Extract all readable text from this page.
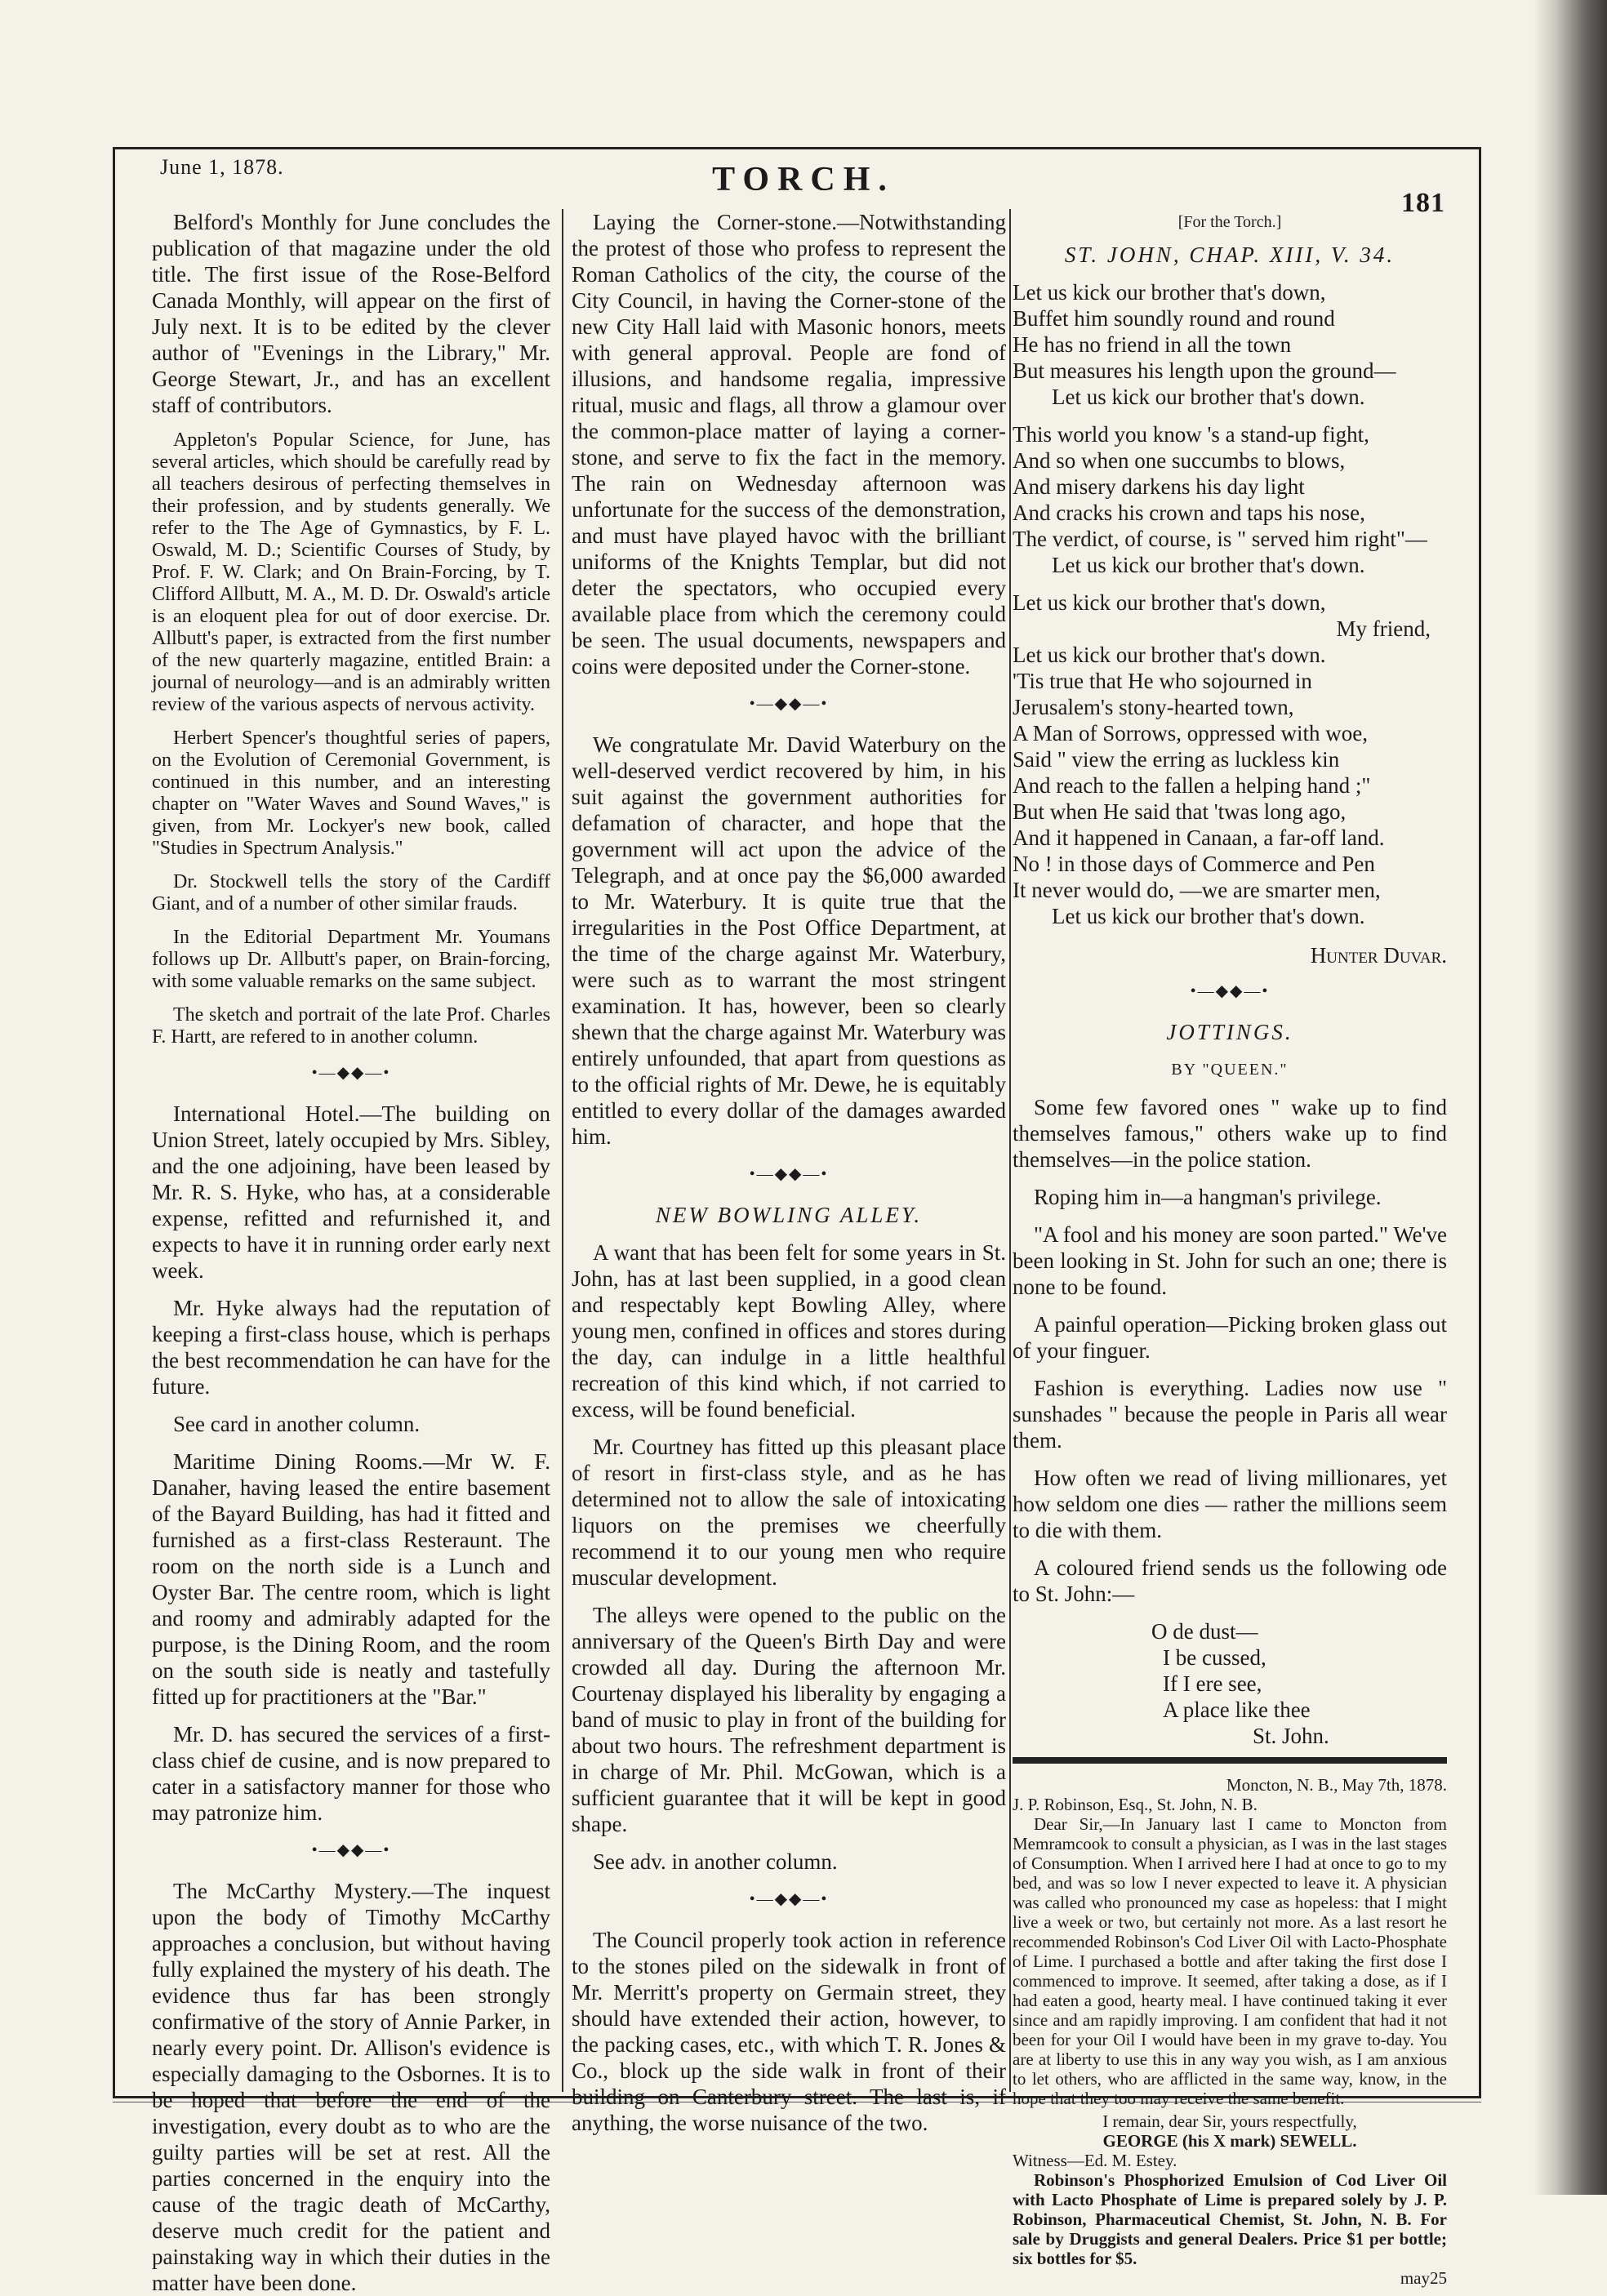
June 1, 1878.	TORCH.
181

Belford's Monthly for June concludes the publication of that magazine under the old title. The first issue of the Rose-Belford Canada Monthly, will appear on the first of July next. It is to be edited by the clever author of "Evenings in the Library," Mr. George Stewart, Jr., and has an excellent staff of contributors.

Appleton's Popular Science, for June, has several articles, which should be carefully read by all teachers desirous of perfecting themselves in their profession, and by students generally. We refer to the The Age of Gymnastics, by F. L. Oswald, M. D.; Scientific Courses of Study, by Prof. F. W. Clark; and On Brain-Forcing, by T. Clifford Allbutt, M. A., M. D. Dr. Oswald's article is an eloquent plea for out of door exercise. Dr. Allbutt's paper, is extracted from the first number of the new quarterly magazine, entitled Brain: a journal of neurology—and is an admirably written review of the various aspects of nervous activity.

Herbert Spencer's thoughtful series of papers, on the Evolution of Ceremonial Government, is continued in this number, and an interesting chapter on "Water Waves and Sound Waves," is given, from Mr. Lockyer's new book, called "Studies in Spectrum Analysis."

Dr. Stockwell tells the story of the Cardiff Giant, and of a number of other similar frauds.

In the Editorial Department Mr. Youmans follows up Dr. Allbutt's paper, on Brain-forcing, with some valuable remarks on the same subject.

The sketch and portrait of the late Prof. Charles F. Hartt, are refered to in another column.

•—◆◆—•

International Hotel.—The building on Union Street, lately occupied by Mrs. Sibley, and the one adjoining, have been leased by Mr. R. S. Hyke, who has, at a considerable expense, refitted and refurnished it, and expects to have it in running order early next week.

Mr. Hyke always had the reputation of keeping a first-class house, which is perhaps the best recommendation he can have for the future.

See card in another column.

Maritime Dining Rooms.—Mr W. F. Danaher, having leased the entire basement of the Bayard Building, has had it fitted and furnished as a first-class Resteraunt. The room on the north side is a Lunch and Oyster Bar. The centre room, which is light and roomy and admirably adapted for the purpose, is the Dining Room, and the room on the south side is neatly and tastefully fitted up for practitioners at the "Bar."

Mr. D. has secured the services of a first-class chief de cusine, and is now prepared to cater in a satisfactory manner for those who may patronize him.

•—◆◆—•

The McCarthy Mystery.—The inquest upon the body of Timothy McCarthy approaches a conclusion, but without having fully explained the mystery of his death. The evidence thus far has been strongly confirmative of the story of Annie Parker, in nearly every point. Dr. Allison's evidence is especially damaging to the Osbornes. It is to be hoped that before the end of the investigation, every doubt as to who are the guilty parties will be set at rest. All the parties concerned in the enquiry into the cause of the tragic death of McCarthy, deserve much credit for the patient and painstaking way in which their duties in the matter have been done.

Laying the Corner-stone.—Notwithstanding the protest of those who profess to represent the Roman Catholics of the city, the course of the City Council, in having the Corner-stone of the new City Hall laid with Masonic honors, meets with general approval. People are fond of illusions, and handsome regalia, impressive ritual, music and flags, all throw a glamour over the common-place matter of laying a corner-stone, and serve to fix the fact in the memory. The rain on Wednesday afternoon was unfortunate for the success of the demonstration, and must have played havoc with the brilliant uniforms of the Knights Templar, but did not deter the spectators, who occupied every available place from which the ceremony could be seen. The usual documents, newspapers and coins were deposited under the Corner-stone.

•—◆◆—•

We congratulate Mr. David Waterbury on the well-deserved verdict recovered by him, in his suit against the government authorities for defamation of character, and hope that the government will act upon the advice of the Telegraph, and at once pay the $6,000 awarded to Mr. Waterbury. It is quite true that the irregularities in the Post Office Department, at the time of the charge against Mr. Waterbury, were such as to warrant the most stringent examination. It has, however, been so clearly shewn that the charge against Mr. Waterbury was entirely unfounded, that apart from questions as to the official rights of Mr. Dewe, he is equitably entitled to every dollar of the damages awarded him.

•—◆◆—•
NEW BOWLING ALLEY.

A want that has been felt for some years in St. John, has at last been supplied, in a good clean and respectably kept Bowling Alley, where young men, confined in offices and stores during the day, can indulge in a little healthful recreation of this kind which, if not carried to excess, will be found beneficial.

Mr. Courtney has fitted up this pleasant place of resort in first-class style, and as he has determined not to allow the sale of intoxicating liquors on the premises we cheerfully recommend it to our young men who require muscular development.

The alleys were opened to the public on the anniversary of the Queen's Birth Day and were crowded all day. During the afternoon Mr. Courtenay displayed his liberality by engaging a band of music to play in front of the building for about two hours. The refreshment department is in charge of Mr. Phil. McGowan, which is a sufficient guarantee that it will be kept in good shape.

See adv. in another column.

•—◆◆—•

The Council properly took action in reference to the stones piled on the sidewalk in front of Mr. Merritt's property on Germain street, they should have extended their action, however, to the packing cases, etc., with which T. R. Jones & Co., block up the side walk in front of their building on Canterbury street. The last is, if anything, the worse nuisance of the two.

[For the Torch.]
ST. JOHN, CHAP. XIII, V. 34.
Let us kick our brother that's down,
Buffet him soundly round and round
He has no friend in all the town
But measures his length upon the ground—
Let us kick our brother that's down.
This world you know 's a stand-up fight,
And so when one succumbs to blows,
And misery darkens his day light
And cracks his crown and taps his nose,
The verdict, of course, is " served him right"—
Let us kick our brother that's down.
Let us kick our brother that's down,
My friend,
Let us kick our brother that's down.
'Tis true that He who sojourned in
Jerusalem's stony-hearted town,
A Man of Sorrows, oppressed with woe,
Said " view the erring as luckless kin
And reach to the fallen a helping hand ;"
But when He said that 'twas long ago,
And it happened in Canaan, a far-off land.
No ! in those days of Commerce and Pen
It never would do, —we are smarter men,
Let us kick our brother that's down.
Hunter Duvar.
•—◆◆—•
JOTTINGS.
BY "QUEEN."

Some few favored ones " wake up to find themselves famous," others wake up to find themselves—in the police station.

Roping him in—a hangman's privilege.

"A fool and his money are soon parted." We've been looking in St. John for such an one; there is none to be found.

A painful operation—Picking broken glass out of your finguer.

Fashion is everything. Ladies now use " sunshades " because the people in Paris all wear them.

How often we read of living millionares, yet how seldom one dies — rather the millions seem to die with them.

A coloured friend sends us the following ode to St. John:—

O de dust—
I be cussed,
If I ere see,
A place like thee
St. John.
Moncton, N. B., May 7th, 1878.
J. P. Robinson, Esq., St. John, N. B.

Dear Sir,—In January last I came to Moncton from Memramcook to consult a physician, as I was in the last stages of Consumption. When I arrived here I had at once to go to my bed, and was so low I never expected to leave it. A physician was called who pronounced my case as hopeless: that I might live a week or two, but certainly not more. As a last resort he recommended Robinson's Cod Liver Oil with Lacto-Phosphate of Lime. I purchased a bottle and after taking the first dose I commenced to improve. It seemed, after taking a dose, as if I had eaten a good, hearty meal. I have continued taking it ever since and am rapidly improving. I am confident that had it not been for your Oil I would have been in my grave to-day. You are at liberty to use this in any way you wish, as I am anxious to let others, who are afflicted in the same way, know, in the hope that they too may receive the same benefit.

I remain, dear Sir, yours respectfully,
GEORGE (his X mark) SEWELL.
Witness—Ed. M. Estey.

Robinson's Phosphorized Emulsion of Cod Liver Oil with Lacto Phosphate of Lime is prepared solely by J. P. Robinson, Pharmaceutical Chemist, St. John, N. B. For sale by Druggists and general Dealers. Price $1 per bottle; six bottles for $5.

may25
